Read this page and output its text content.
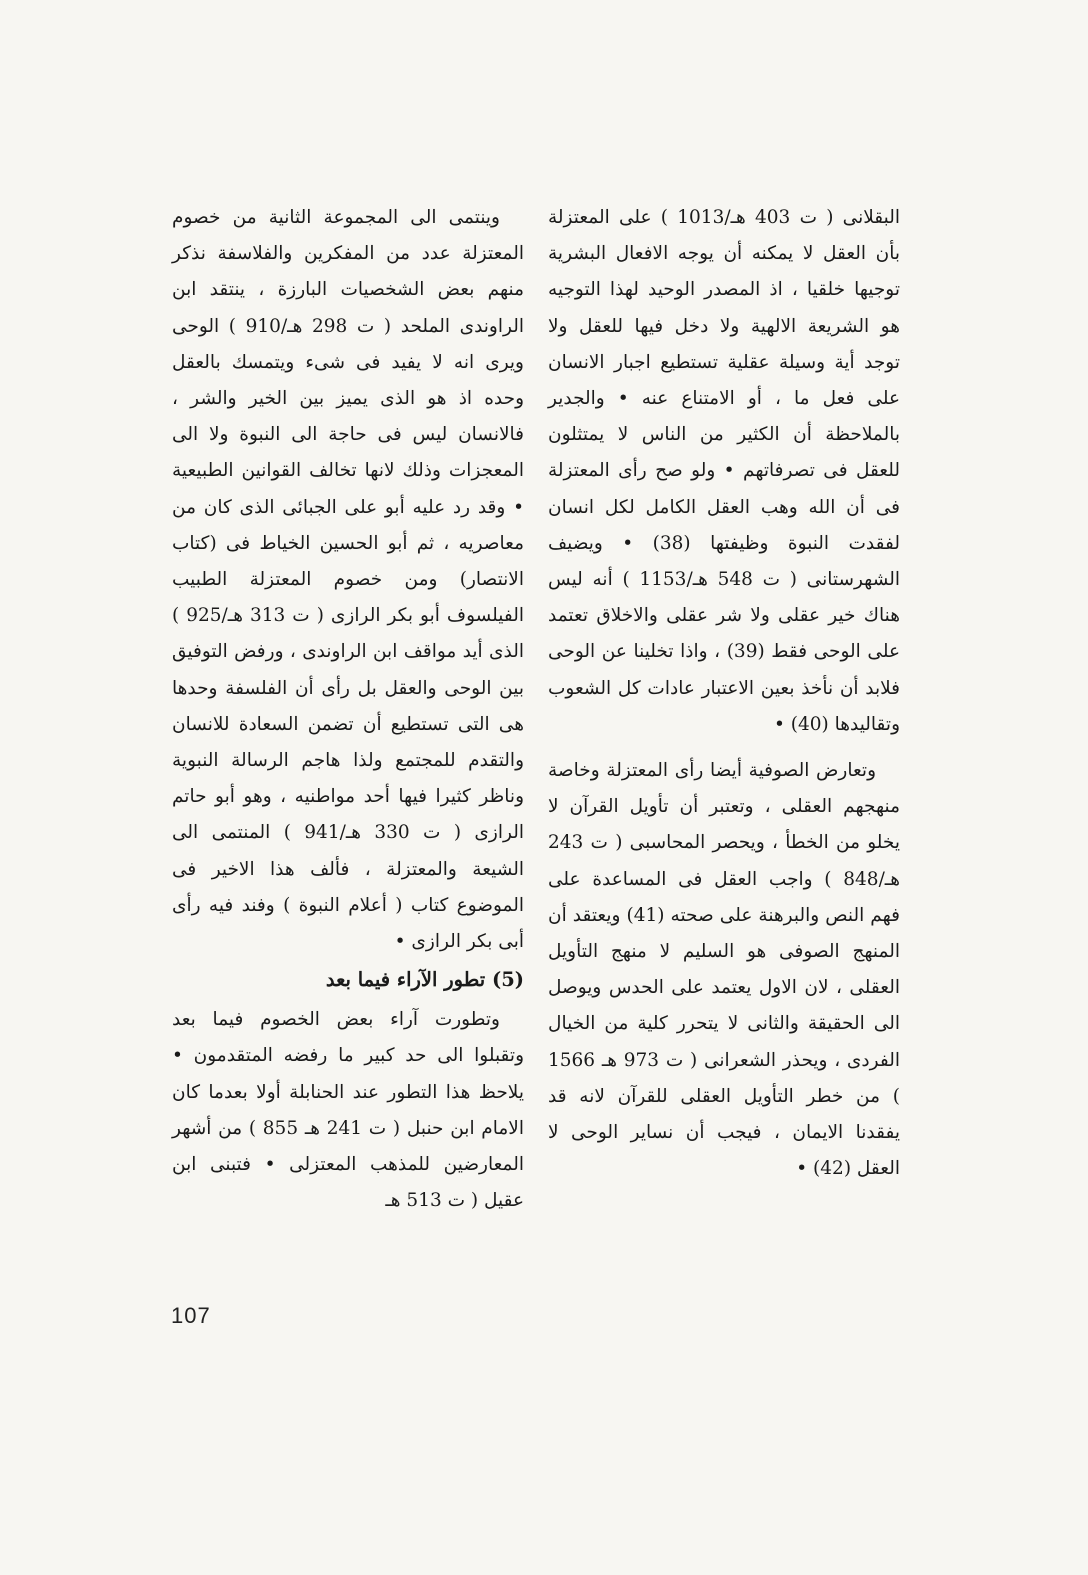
البقلانى ( ت 403 هـ/1013 ) على المعتزلة بأن العقل لا يمكنه أن يوجه الافعال البشرية توجيها خلقيا ، اذ المصدر الوحيد لهذا التوجيه هو الشريعة الالهية ولا دخل فيها للعقل ولا توجد أية وسيلة عقلية تستطيع اجبار الانسان على فعل ما ، أو الامتناع عنه • والجدير بالملاحظة أن الكثير من الناس لا يمتثلون للعقل فى تصرفاتهم • ولو صح رأى المعتزلة فى أن الله وهب العقل الكامل لكل انسان لفقدت النبوة وظيفتها (38) • ويضيف الشهرستانى ( ت 548 هـ/1153 ) أنه ليس هناك خير عقلى ولا شر عقلى والاخلاق تعتمد على الوحى فقط (39) ، واذا تخلينا عن الوحى فلابد أن نأخذ بعين الاعتبار عادات كل الشعوب وتقاليدها (40) •

وتعارض الصوفية أيضا رأى المعتزلة وخاصة منهجهم العقلى ، وتعتبر أن تأويل القرآن لا يخلو من الخطأ ، ويحصر المحاسبى ( ت 243 هـ/848 ) واجب العقل فى المساعدة على فهم النص والبرهنة على صحته (41) ويعتقد أن المنهج الصوفى هو السليم لا منهج التأويل العقلى ، لان الاول يعتمد على الحدس ويوصل الى الحقيقة والثانى لا يتحرر كلية من الخيال الفردى ، ويحذر الشعرانى ( ت 973 هـ 1566 ) من خطر التأويل العقلى للقرآن لانه قد يفقدنا الايمان ، فيجب أن نساير الوحى لا العقل (42) •

وينتمى الى المجموعة الثانية من خصوم المعتزلة عدد من المفكرين والفلاسفة نذكر منهم بعض الشخصيات البارزة ، ينتقد ابن الراوندى الملحد ( ت 298 هـ/910 ) الوحى ويرى انه لا يفيد فى شىء ويتمسك بالعقل وحده اذ هو الذى يميز بين الخير والشر ، فالانسان ليس فى حاجة الى النبوة ولا الى المعجزات وذلك لانها تخالف القوانين الطبيعية • وقد رد عليه أبو على الجبائى الذى كان من معاصريه ، ثم أبو الحسين الخياط فى (كتاب الانتصار) ومن خصوم المعتزلة الطبيب الفيلسوف أبو بكر الرازى ( ت 313 هـ/925 ) الذى أيد مواقف ابن الراوندى ، ورفض التوفيق بين الوحى والعقل بل رأى أن الفلسفة وحدها هى التى تستطيع أن تضمن السعادة للانسان والتقدم للمجتمع ولذا هاجم الرسالة النبوية وناظر كثيرا فيها أحد مواطنيه ، وهو أبو حاتم الرازى ( ت 330 هـ/941 ) المنتمى الى الشيعة والمعتزلة ، فألف هذا الاخير فى الموضوع كتاب ( أعلام النبوة ) وفند فيه رأى أبى بكر الرازى •

(5) تطور الآراء فيما بعد

وتطورت آراء بعض الخصوم فيما بعد وتقبلوا الى حد كبير ما رفضه المتقدمون • يلاحظ هذا التطور عند الحنابلة أولا بعدما كان الامام ابن حنبل ( ت 241 هـ 855 ) من أشهر المعارضين للمذهب المعتزلى • فتبنى ابن عقيل ( ت 513 هـ

107
